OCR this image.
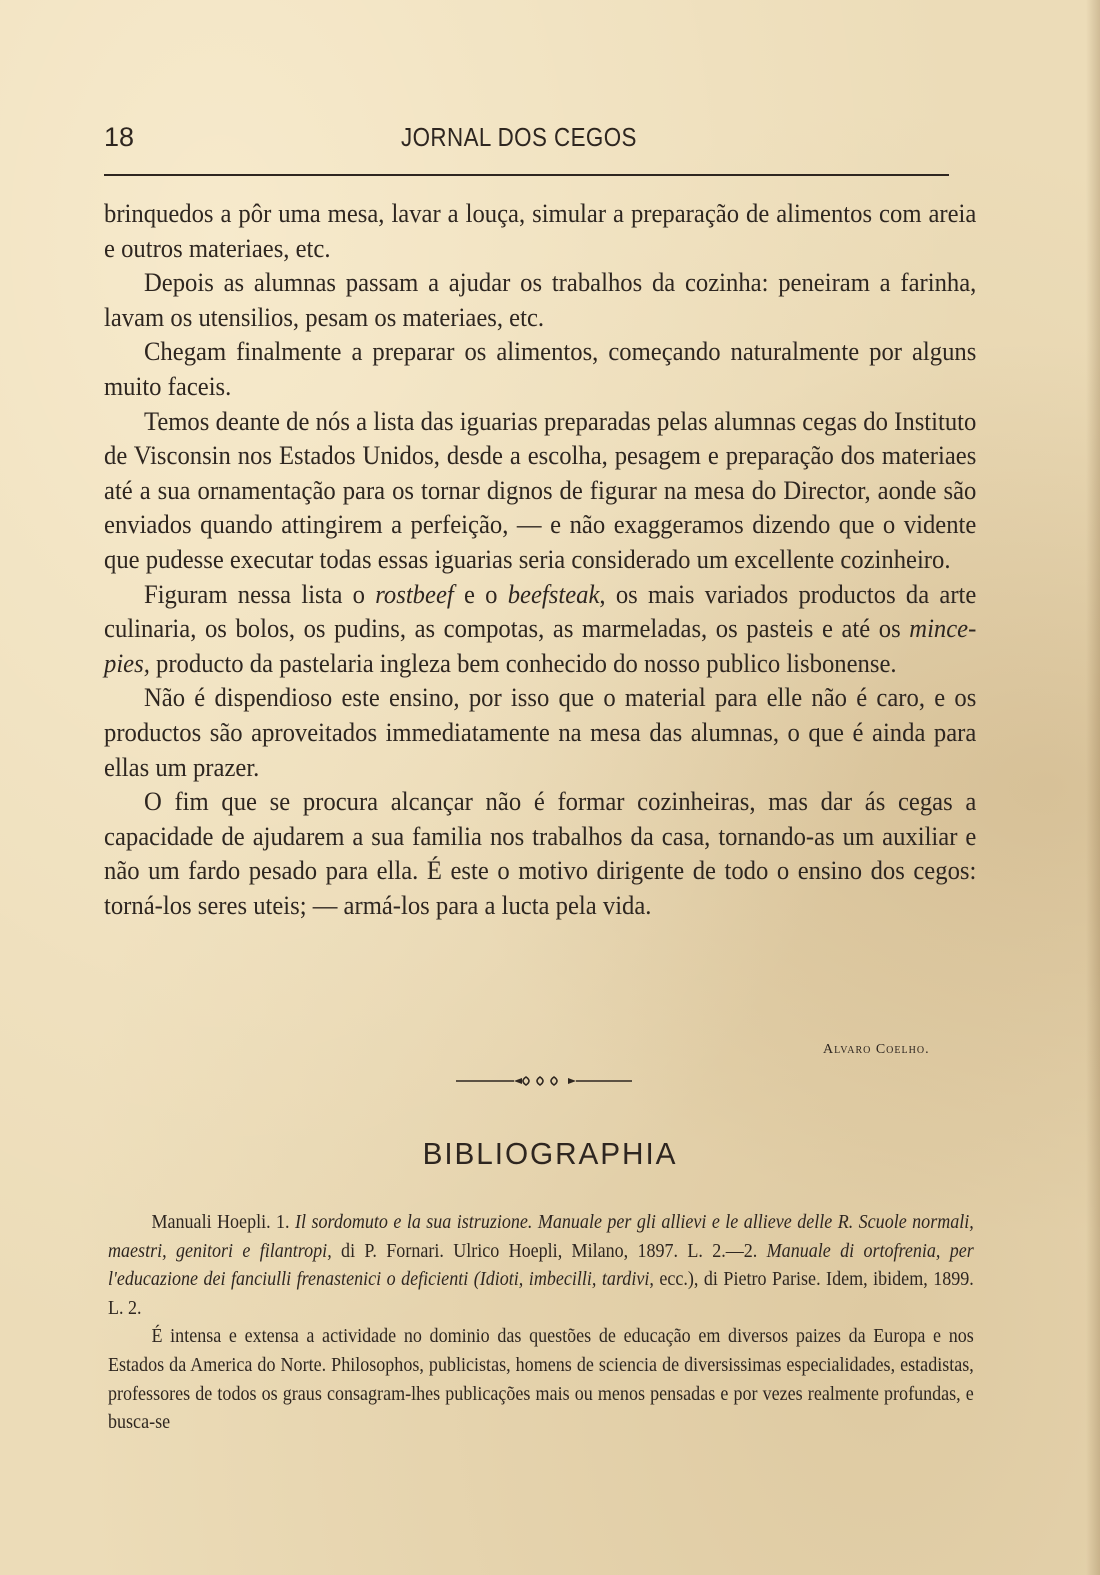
18	JORNAL DOS CEGOS

brinquedos a pôr uma mesa, lavar a louça, simular a preparação de alimentos com areia e outros materiaes, etc.

Depois as alumnas passam a ajudar os trabalhos da cozinha: peneiram a farinha, lavam os utensilios, pesam os materiaes, etc.

Chegam finalmente a preparar os alimentos, começando naturalmente por alguns muito faceis.

Temos deante de nós a lista das iguarias preparadas pelas alumnas cegas do Instituto de Visconsin nos Estados Unidos, desde a escolha, pesagem e preparação dos materiaes até a sua ornamentação para os tornar dignos de figurar na mesa do Director, aonde são enviados quando attingirem a perfeição, — e não exaggeramos dizendo que o vidente que pudesse executar todas essas iguarias seria considerado um excellente cozinheiro.

Figuram nessa lista o rostbeef e o beefsteak, os mais variados productos da arte culinaria, os bolos, os pudins, as compotas, as marmeladas, os pasteis e até os mince-pies, producto da pastelaria ingleza bem conhecido do nosso publico lisbonense.

Não é dispendioso este ensino, por isso que o material para elle não é caro, e os productos são aproveitados immediatamente na mesa das alumnas, o que é ainda para ellas um prazer.

O fim que se procura alcançar não é formar cozinheiras, mas dar ás cegas a capacidade de ajudarem a sua familia nos trabalhos da casa, tornando-as um auxiliar e não um fardo pesado para ella. É este o motivo dirigente de todo o ensino dos cegos: torná-los seres uteis; — armá-los para a lucta pela vida.

Alvaro Coelho.
BIBLIOGRAPHIA

Manuali Hoepli. 1. Il sordomuto e la sua istruzione. Manuale per gli allievi e le allieve delle R. Scuole normali, maestri, genitori e filantropi, di P. Fornari. Ulrico Hoepli, Milano, 1897. L. 2.—2. Manuale di ortofrenia, per l'educazione dei fanciulli frenastenici o deficienti (Idioti, imbecilli, tardivi, ecc.), di Pietro Parise. Idem, ibidem, 1899. L. 2.

É intensa e extensa a actividade no dominio das questões de educação em diversos paizes da Europa e nos Estados da America do Norte. Philosophos, publicistas, homens de sciencia de diversissimas especialidades, estadistas, professores de todos os graus consagram-lhes publicações mais ou menos pensadas e por vezes realmente profundas, e busca-se
